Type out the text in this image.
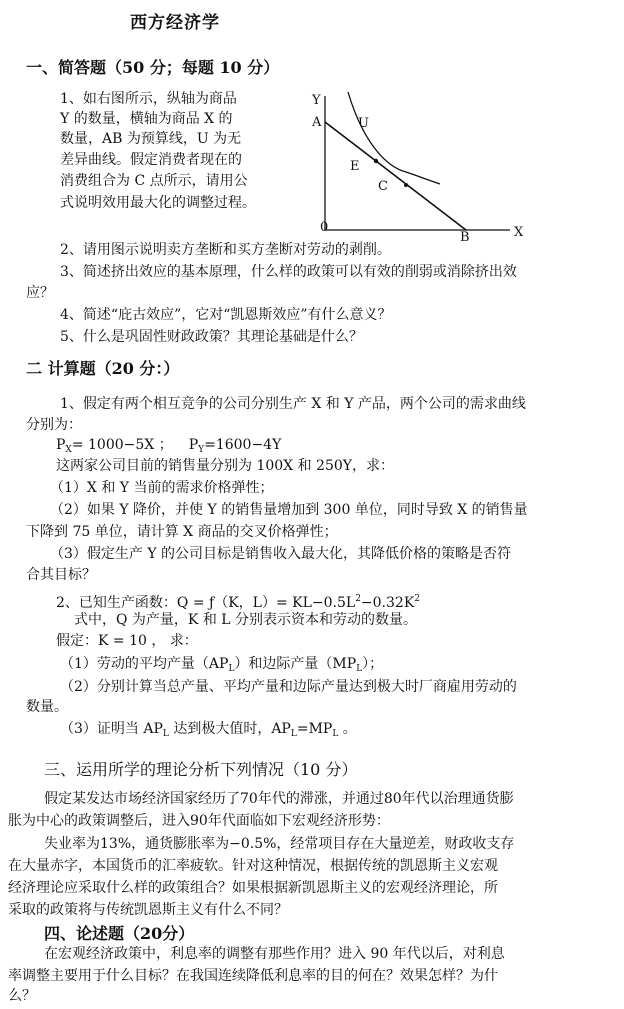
西方经济学
一、简答题（50 分；每题 10 分）
1、如右图所示，纵轴为商品
Y 的数量，横轴为商品 X 的
数量，AB 为预算线，U 为无
差异曲线。假定消费者现在的
消费组合为 C 点所示，请用公
式说明效用最大化的调整过程。
Y
A	U
E
C
0
B	X
2、请用图示说明卖方垄断和买方垄断对劳动的剥削。
3、简述挤出效应的基本原理，什么样的政策可以有效的削弱或消除挤出效
应？
4、简述“庇古效应”，它对“凯恩斯效应”有什么意义？
5、什么是巩固性财政政策？其理论基础是什么？
二 计算题（20 分：）
1、假定有两个相互竞争的公司分别生产 X 和 Y 产品，两个公司的需求曲线
分别为：
$P_X= 1000-5X$ ； $P_Y=1600-4Y$
这两家公司目前的销售量分别为 100X 和 250Y，求：
（1）X 和 Y 当前的需求价格弹性；
（2）如果 Y 降价，并使 Y 的销售量增加到 300 单位，同时导致 X 的销售量
下降到 75 单位，请计算 X 商品的交叉价格弹性；
（3）假定生产 Y 的公司目标是销售收入最大化，其降低价格的策略是否符
合其目标？
2、已知生产函数：Q = ƒ（K，$L)= KL-0.5L^2-0.32K^2$
式中，Q 为产量，K 和 L 分别表示资本和劳动的数量。
假定：K = 10 ， 求：
（1）劳动的平均产量$(AP_L)$和边际产量$(MP_L)$；
（2）分别计算当总产量、平均产量和边际产量达到极大时厂商雇用劳动的
数量。
（3）证明当 $AP_L$ 达到极大值时，$AP_L=MP_L$ 。
三、运用所学的理论分析下列情况（10 分）
假定某发达市场经济国家经历了70年代的滞涨，并通过80年代以治理通货膨
胀为中心的政策调整后，进入90年代面临如下宏观经济形势：
失业率为13%，通货膨胀率为−0.5%，经常项目存在大量逆差，财政收支存
在大量赤字，本国货币的汇率疲软。针对这种情况，根据传统的凯恩斯主义宏观
经济理论应采取什么样的政策组合？如果根据新凯恩斯主义的宏观经济理论，所
采取的政策将与传统凯恩斯主义有什么不同？
四、论述题（20分）
在宏观经济政策中，利息率的调整有那些作用？进入 90 年代以后，对利息
率调整主要用于什么目标？在我国连续降低利息率的目的何在？效果怎样？为什
么？
